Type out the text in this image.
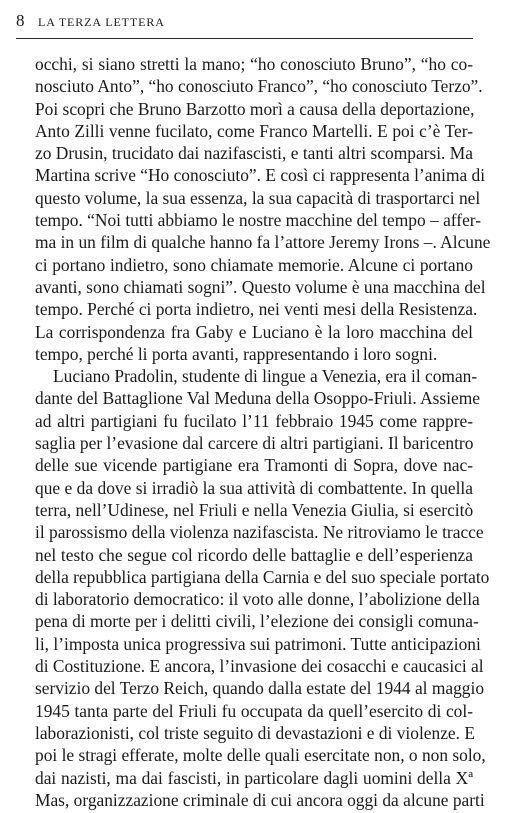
8 LA TERZA LETTERA
occhi, si siano stretti la mano; “ho conosciuto Bruno”, “ho co-
nosciuto Anto”, “ho conosciuto Franco”, “ho conosciuto Terzo”.
Poi scopri che Bruno Barzotto morì a causa della deportazione,
Anto Zilli venne fucilato, come Franco Martelli. E poi c’è Ter-
zo Drusin, trucidato dai nazifascisti, e tanti altri scomparsi. Ma
Martina scrive “Ho conosciuto”. E così ci rappresenta l’anima di
questo volume, la sua essenza, la sua capacità di trasportarci nel
tempo. “Noi tutti abbiamo le nostre macchine del tempo – affer-
ma in un film di qualche hanno fa l’attore Jeremy Irons –. Alcune
ci portano indietro, sono chiamate memorie. Alcune ci portano
avanti, sono chiamati sogni”. Questo volume è una macchina del
tempo. Perché ci porta indietro, nei venti mesi della Resistenza.
La corrispondenza fra Gaby e Luciano è la loro macchina del
tempo, perché li porta avanti, rappresentando i loro sogni.
Luciano Pradolin, studente di lingue a Venezia, era il coman-
dante del Battaglione Val Meduna della Osoppo-Friuli. Assieme
ad altri partigiani fu fucilato l’11 febbraio 1945 come rappre-
saglia per l’evasione dal carcere di altri partigiani. Il baricentro
delle sue vicende partigiane era Tramonti di Sopra, dove nac-
que e da dove si irradiò la sua attività di combattente. In quella
terra, nell’Udinese, nel Friuli e nella Venezia Giulia, si esercitò
il parossismo della violenza nazifascista. Ne ritroviamo le tracce
nel testo che segue col ricordo delle battaglie e dell’esperienza
della repubblica partigiana della Carnia e del suo speciale portato
di laboratorio democratico: il voto alle donne, l’abolizione della
pena di morte per i delitti civili, l’elezione dei consigli comuna-
li, l’imposta unica progressiva sui patrimoni. Tutte anticipazioni
di Costituzione. E ancora, l’invasione dei cosacchi e caucasici al
servizio del Terzo Reich, quando dalla estate del 1944 al maggio
1945 tanta parte del Friuli fu occupata da quell’esercito di col-
laborazionisti, col triste seguito di devastazioni e di violenze. E
poi le stragi efferate, molte delle quali esercitate non, o non solo,
dai nazisti, ma dai fascisti, in particolare dagli uomini della Xª
Mas, organizzazione criminale di cui ancora oggi da alcune parti
